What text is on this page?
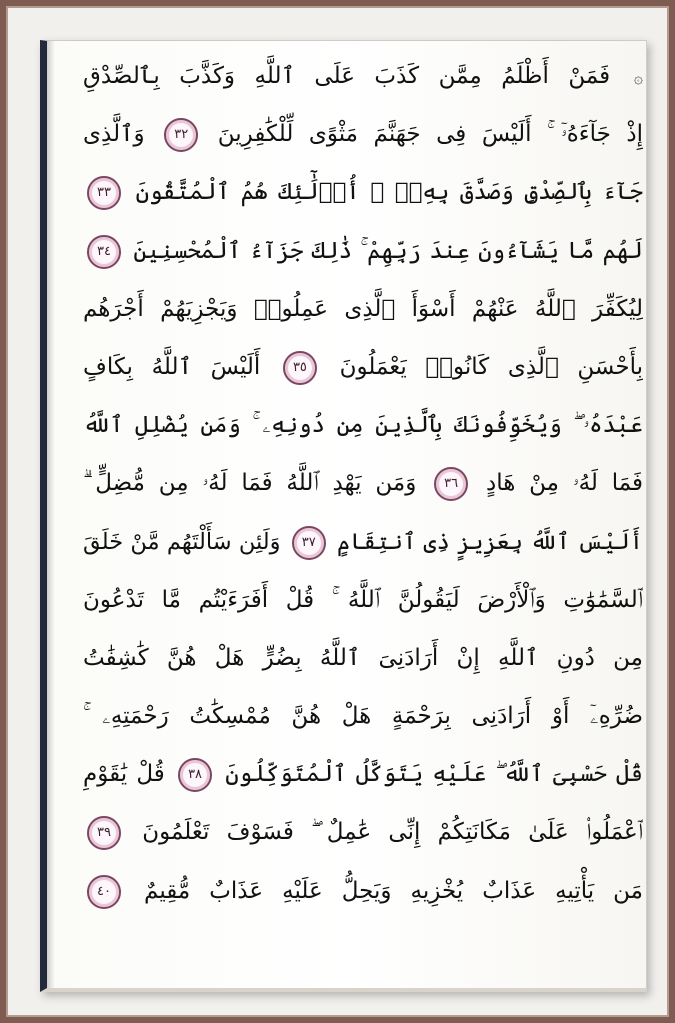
۞ فَمَنْ أَظْلَمُ مِمَّن كَذَبَ عَلَى ٱللَّهِ وَكَذَّبَ بِٱلصِّدْقِ
إِذْ جَآءَهُۥٓ ۚ أَلَيْسَ فِى جَهَنَّمَ مَثْوًى لِّلْكَٰفِرِينَ ٣٢ وَٱلَّذِى
جَآءَ بِٱلصِّدْقِ وَصَدَّقَ بِهِۦٓ ۙ أُو۟لَٰٓئِكَ هُمُ ٱلْمُتَّقُونَ ٣٣
لَهُم مَّا يَشَآءُونَ عِندَ رَبِّهِمْ ۚ ذَٰلِكَ جَزَآءُ ٱلْمُحْسِنِينَ ٣٤
لِيُكَفِّرَ ٱللَّهُ عَنْهُمْ أَسْوَأَ ٱلَّذِى عَمِلُوا۟ وَيَجْزِيَهُمْ أَجْرَهُم
بِأَحْسَنِ ٱلَّذِى كَانُوا۟ يَعْمَلُونَ ٣٥ أَلَيْسَ ٱللَّهُ بِكَافٍ
عَبْدَهُۥ ۖ وَيُخَوِّفُونَكَ بِٱلَّذِينَ مِن دُونِهِۦ ۚ وَمَن يُضْلِلِ ٱللَّهُ
فَمَا لَهُۥ مِنْ هَادٍ ٣٦ وَمَن يَهْدِ ٱللَّهُ فَمَا لَهُۥ مِن مُّضِلٍّ ۗ
أَلَيْسَ ٱللَّهُ بِعَزِيزٍ ذِى ٱنتِقَامٍ ٣٧ وَلَئِن سَأَلْتَهُم مَّنْ خَلَقَ
ٱلسَّمَٰوَٰتِ وَٱلْأَرْضَ لَيَقُولُنَّ ٱللَّهُ ۚ قُلْ أَفَرَءَيْتُم مَّا تَدْعُونَ
مِن دُونِ ٱللَّهِ إِنْ أَرَادَنِىَ ٱللَّهُ بِضُرٍّ هَلْ هُنَّ كَٰشِفَٰتُ
ضُرِّهِۦٓ أَوْ أَرَادَنِى بِرَحْمَةٍ هَلْ هُنَّ مُمْسِكَٰتُ رَحْمَتِهِۦ ۚ
قُلْ حَسْبِىَ ٱللَّهُ ۖ عَلَيْهِ يَتَوَكَّلُ ٱلْمُتَوَكِّلُونَ ٣٨ قُلْ يَٰقَوْمِ
ٱعْمَلُوا۟ عَلَىٰ مَكَانَتِكُمْ إِنِّى عَٰمِلٌ ۖ فَسَوْفَ تَعْلَمُونَ ٣٩
مَن يَأْتِيهِ عَذَابٌ يُخْزِيهِ وَيَحِلُّ عَلَيْهِ عَذَابٌ مُّقِيمٌ ٤٠
